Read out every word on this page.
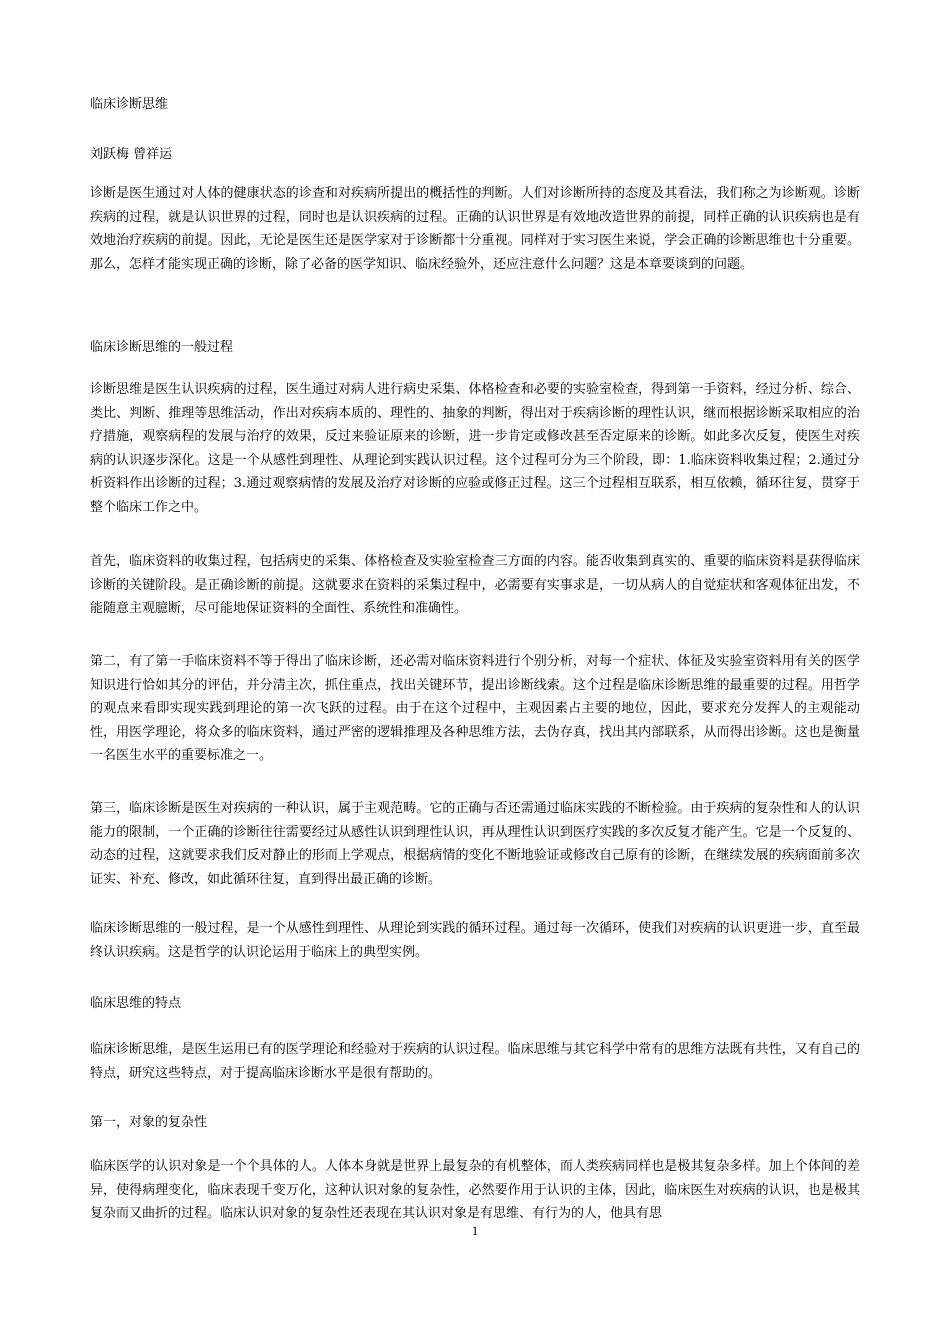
临床诊断思维

刘跃梅 曾祥运

诊断是医生通过对人体的健康状态的诊查和对疾病所提出的概括性的判断。人们对诊断所持的态度及其看法，我们称之为诊断观。诊断疾病的过程，就是认识世界的过程，同时也是认识疾病的过程。正确的认识世界是有效地改造世界的前提，同样正确的认识疾病也是有效地治疗疾病的前提。因此，无论是医生还是医学家对于诊断都十分重视。同样对于实习医生来说，学会正确的诊断思维也十分重要。那么，怎样才能实现正确的诊断，除了必备的医学知识、临床经验外，还应注意什么问题？这是本章要谈到的问题。

临床诊断思维的一般过程

诊断思维是医生认识疾病的过程，医生通过对病人进行病史采集、体格检查和必要的实验室检查，得到第一手资料，经过分析、综合、类比、判断、推理等思维活动，作出对疾病本质的、理性的、抽象的判断，得出对于疾病诊断的理性认识，继而根据诊断采取相应的治疗措施，观察病程的发展与治疗的效果，反过来验证原来的诊断，进一步肯定或修改甚至否定原来的诊断。如此多次反复，使医生对疾病的认识逐步深化。这是一个从感性到理性、从理论到实践认识过程。这个过程可分为三个阶段，即：1.临床资料收集过程；2.通过分析资料作出诊断的过程；3.通过观察病情的发展及治疗对诊断的应验或修正过程。这三个过程相互联系，相互依赖，循环往复，贯穿于整个临床工作之中。

首先，临床资料的收集过程，包括病史的采集、体格检查及实验室检查三方面的内容。能否收集到真实的、重要的临床资料是获得临床诊断的关键阶段。是正确诊断的前提。这就要求在资料的采集过程中，必需要有实事求是，一切从病人的自觉症状和客观体征出发，不能随意主观臆断，尽可能地保证资料的全面性、系统性和准确性。

第二，有了第一手临床资料不等于得出了临床诊断，还必需对临床资料进行个别分析，对每一个症状、体征及实验室资料用有关的医学知识进行恰如其分的评估，并分清主次，抓住重点，找出关键环节，提出诊断线索。这个过程是临床诊断思维的最重要的过程。用哲学的观点来看即实现实践到理论的第一次飞跃的过程。由于在这个过程中，主观因素占主要的地位，因此，要求充分发挥人的主观能动性，用医学理论，将众多的临床资料，通过严密的逻辑推理及各种思维方法，去伪存真，找出其内部联系，从而得出诊断。这也是衡量一名医生水平的重要标准之一。

第三，临床诊断是医生对疾病的一种认识，属于主观范畴。它的正确与否还需通过临床实践的不断检验。由于疾病的复杂性和人的认识能力的限制，一个正确的诊断往往需要经过从感性认识到理性认识，再从理性认识到医疗实践的多次反复才能产生。它是一个反复的、动态的过程，这就要求我们反对静止的形而上学观点，根据病情的变化不断地验证或修改自己原有的诊断，在继续发展的疾病面前多次证实、补充、修改，如此循环往复，直到得出最正确的诊断。

临床诊断思维的一般过程，是一个从感性到理性、从理论到实践的循环过程。通过每一次循环，使我们对疾病的认识更进一步，直至最终认识疾病。这是哲学的认识论运用于临床上的典型实例。

临床思维的特点

临床诊断思维，是医生运用已有的医学理论和经验对于疾病的认识过程。临床思维与其它科学中常有的思维方法既有共性，又有自己的特点，研究这些特点，对于提高临床诊断水平是很有帮助的。

第一，对象的复杂性

临床医学的认识对象是一个个具体的人。人体本身就是世界上最复杂的有机整体，而人类疾病同样也是极其复杂多样。加上个体间的差异，使得病理变化，临床表现千变万化，这种认识对象的复杂性，必然要作用于认识的主体，因此，临床医生对疾病的认识，也是极其复杂而又曲折的过程。临床认识对象的复杂性还表现在其认识对象是有思维、有行为的人，他具有思

1
